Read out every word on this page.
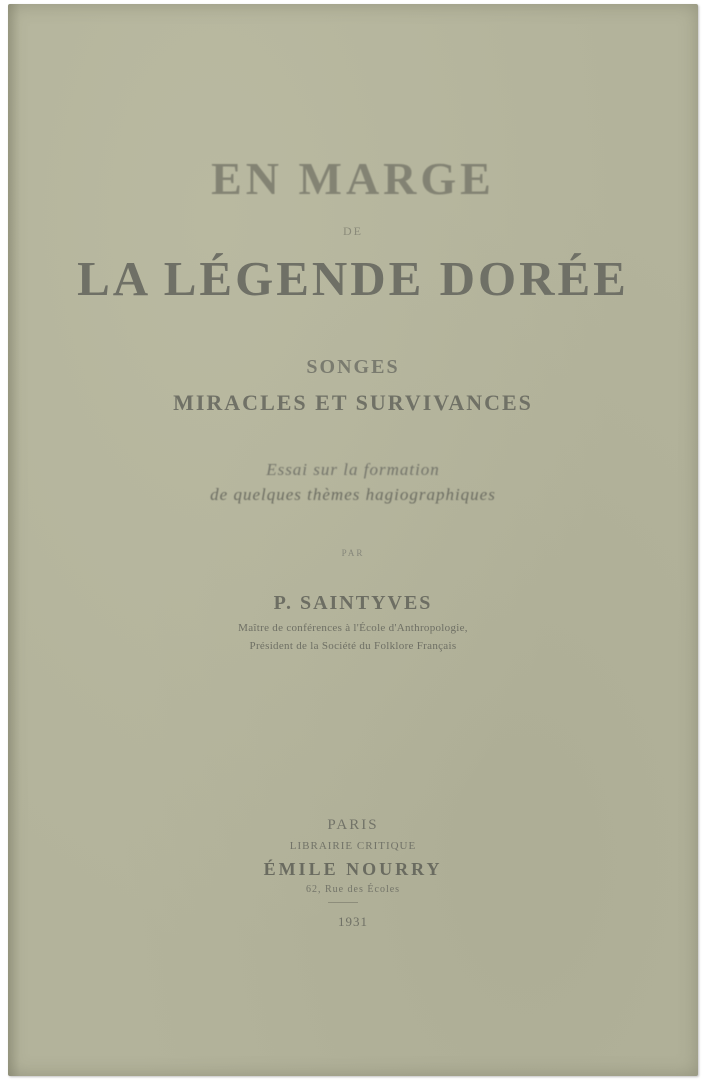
EN MARGE
DE
LA LÉGENDE DORÉE
SONGES
MIRACLES ET SURVIVANCES
Essai sur la formation
de quelques thèmes hagiographiques
PAR
P. SAINTYVES
Maître de conférences à l'École d'Anthropologie,
Président de la Société du Folklore Français
PARIS
LIBRAIRIE CRITIQUE
ÉMILE NOURRY
62, Rue des Écoles
1931
